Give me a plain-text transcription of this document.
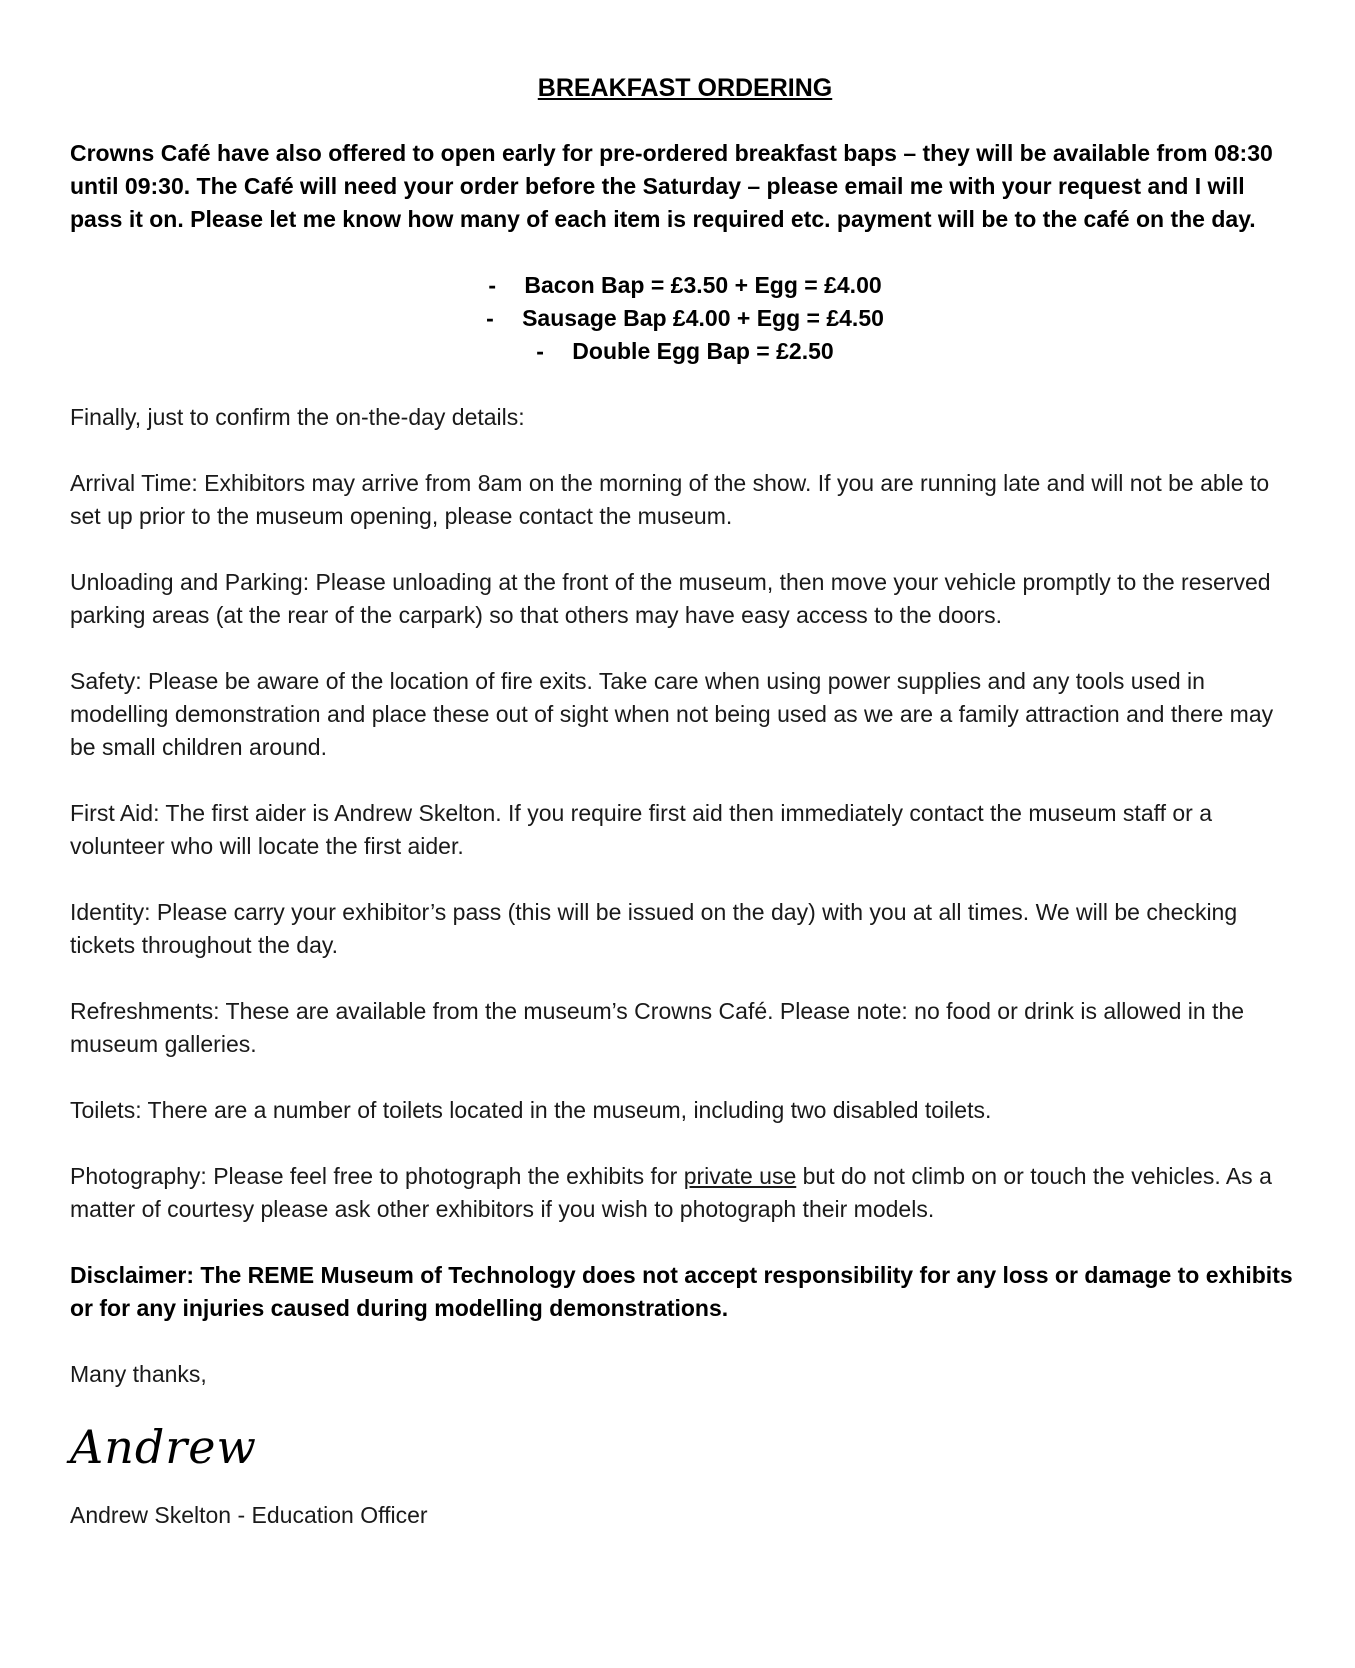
BREAKFAST ORDERING

Crowns Café have also offered to open early for pre-ordered breakfast baps – they will be available from 08:30 until 09:30. The Café will need your order before the Saturday – please email me with your request and I will pass it on. Please let me know how many of each item is required etc. payment will be to the café on the day.

-	Bacon Bap = £3.50 + Egg = £4.00
-	Sausage Bap £4.00 + Egg = £4.50
-	Double Egg Bap = £2.50

Finally, just to confirm the on-the-day details:

Arrival Time: Exhibitors may arrive from 8am on the morning of the show. If you are running late and will not be able to set up prior to the museum opening, please contact the museum.

Unloading and Parking: Please unloading at the front of the museum, then move your vehicle promptly to the reserved parking areas (at the rear of the carpark) so that others may have easy access to the doors.

Safety: Please be aware of the location of fire exits. Take care when using power supplies and any tools used in modelling demonstration and place these out of sight when not being used as we are a family attraction and there may be small children around.

First Aid: The first aider is Andrew Skelton. If you require first aid then immediately contact the museum staff or a volunteer who will locate the first aider.

Identity: Please carry your exhibitor’s pass (this will be issued on the day) with you at all times. We will be checking tickets throughout the day.

Refreshments: These are available from the museum’s Crowns Café. Please note: no food or drink is allowed in the museum galleries.

Toilets: There are a number of toilets located in the museum, including two disabled toilets.

Photography: Please feel free to photograph the exhibits for private use but do not climb on or touch the vehicles. As a matter of courtesy please ask other exhibitors if you wish to photograph their models.

Disclaimer: The REME Museum of Technology does not accept responsibility for any loss or damage to exhibits or for any injuries caused during modelling demonstrations.

Many thanks,

Andrew

Andrew Skelton - Education Officer
